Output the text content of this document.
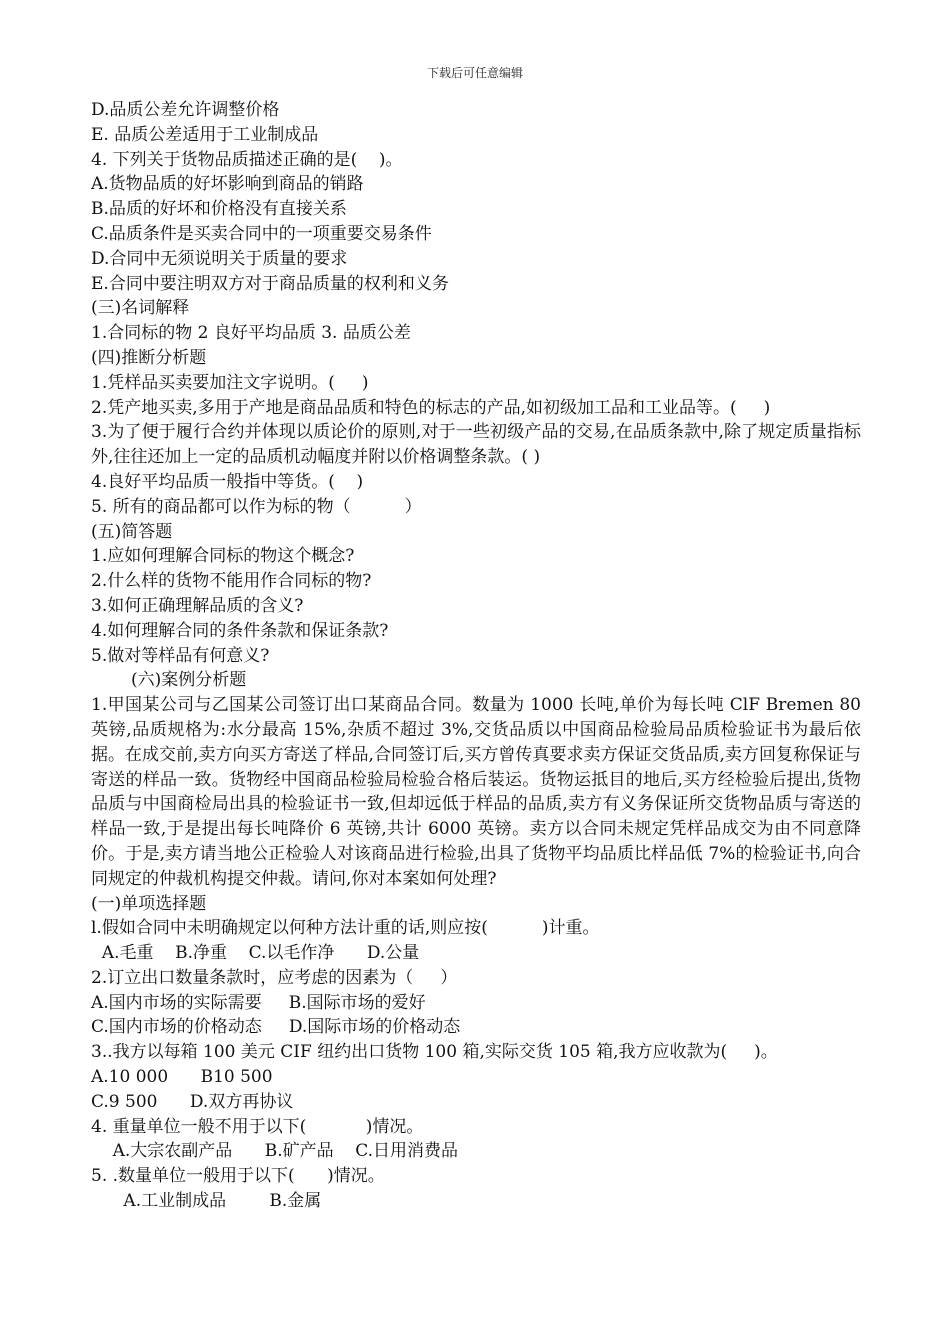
下载后可任意编辑
D.品质公差允许调整价格
E. 品质公差适用于工业制成品
4. 下列关于货物品质描述正确的是(    )。
A.货物品质的好坏影响到商品的销路
B.品质的好坏和价格没有直接关系
C.品质条件是买卖合同中的一项重要交易条件
D.合同中无须说明关于质量的要求
E.合同中要注明双方对于商品质量的权利和义务
(三)名词解释
1.合同标的物 2 良好平均品质 3. 品质公差
(四)推断分析题
1.凭样品买卖要加注文字说明。(     )
2.凭产地买卖,多用于产地是商品品质和特色的标志的产品,如初级加工品和工业品等。(     )
3.为了便于履行合约并体现以质论价的原则,对于一些初级产品的交易,在品质条款中,除了规定质量指标外,往往还加上一定的品质机动幅度并附以价格调整条款。( )
4.良好平均品质一般指中等货。(    )
5. 所有的商品都可以作为标的物（          ）
(五)简答题
1.应如何理解合同标的物这个概念?
2.什么样的货物不能用作合同标的物?
3.如何正确理解品质的含义?
4.如何理解合同的条件条款和保证条款?
5.做对等样品有何意义?
(六)案例分析题
1.甲国某公司与乙国某公司签订出口某商品合同。数量为 1000 长吨,单价为每长吨 ClF Bremen 80 英镑,品质规格为:水分最高 15%,杂质不超过 3%,交货品质以中国商品检验局品质检验证书为最后依据。在成交前,卖方向买方寄送了样品,合同签订后,买方曾传真要求卖方保证交货品质,卖方回复称保证与寄送的样品一致。货物经中国商品检验局检验合格后装运。货物运抵目的地后,买方经检验后提出,货物品质与中国商检局出具的检验证书一致,但却远低于样品的品质,卖方有义务保证所交货物品质与寄送的样品一致,于是提出每长吨降价 6 英镑,共计 6000 英镑。卖方以合同未规定凭样品成交为由不同意降价。于是,卖方请当地公正检验人对该商品进行检验,出具了货物平均品质比样品低 7%的检验证书,向合同规定的仲裁机构提交仲裁。请问,你对本案如何处理?
(一)单项选择题
l.假如合同中未明确规定以何种方法计重的话,则应按(          )计重。
A.毛重    B.净重    C.以毛作净      D.公量
2.订立出口数量条款时，应考虑的因素为（     ）
A.国内市场的实际需要     B.国际市场的爱好
C.国内市场的价格动态     D.国际市场的价格动态
3..我方以每箱 100 美元 CIF 纽约出口货物 100 箱,实际交货 105 箱,我方应收款为(     )。
A.10 000      B10 500
C.9 500      D.双方再协议
4. 重量单位一般不用于以下(           )情况。
A.大宗农副产品      B.矿产品    C.日用消费品
5. .数量单位一般用于以下(      )情况。
A.工业制成品        B.金属
